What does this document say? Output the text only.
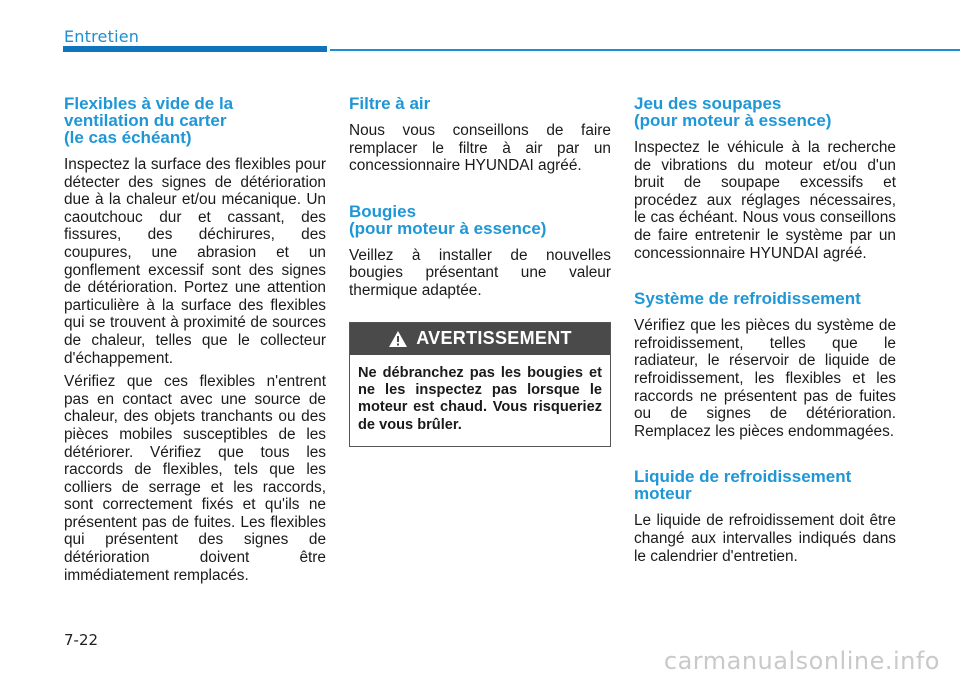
Entretien
Flexibles à vide de la
ventilation du carter
(le cas échéant)

Inspectez la surface des flexibles pour détecter des signes de détérioration due à la chaleur et/ou mécanique. Un caoutchouc dur et cassant, des fissures, des déchirures, des coupures, une abrasion et un gonflement excessif sont des signes de détérioration. Portez une attention particulière à la surface des flexibles qui se trouvent à proximité de sources de chaleur, telles que le collecteur d'échappement.

Vérifiez que ces flexibles n'entrent pas en contact avec une source de chaleur, des objets tranchants ou des pièces mobiles susceptibles de les détériorer. Vérifiez que tous les raccords de flexibles, tels que les colliers de serrage et les raccords, sont correctement fixés et qu'ils ne présentent pas de fuites. Les flexibles qui présentent des signes de détérioration doivent être immédiatement remplacés.

Filtre à air

Nous vous conseillons de faire remplacer le filtre à air par un concessionnaire HYUNDAI agréé.

Bougies
(pour moteur à essence)

Veillez à installer de nouvelles bougies présentant une valeur thermique adaptée.

AVERTISSEMENT
Ne débranchez pas les bougies et ne les inspectez pas lorsque le moteur est chaud. Vous risqueriez de vous brûler.
Jeu des soupapes
(pour moteur à essence)

Inspectez le véhicule à la recherche de vibrations du moteur et/ou d'un bruit de soupape excessifs et procédez aux réglages nécessaires, le cas échéant. Nous vous conseillons de faire entretenir le système par un concessionnaire HYUNDAI agréé.

Système de refroidissement

Vérifiez que les pièces du système de refroidissement, telles que le radiateur, le réservoir de liquide de refroidissement, les flexibles et les raccords ne présentent pas de fuites ou de signes de détérioration. Remplacez les pièces endommagées.

Liquide de refroidissement
moteur

Le liquide de refroidissement doit être changé aux intervalles indiqués dans le calendrier d'entretien.

7-22
carmanualsonline.info
